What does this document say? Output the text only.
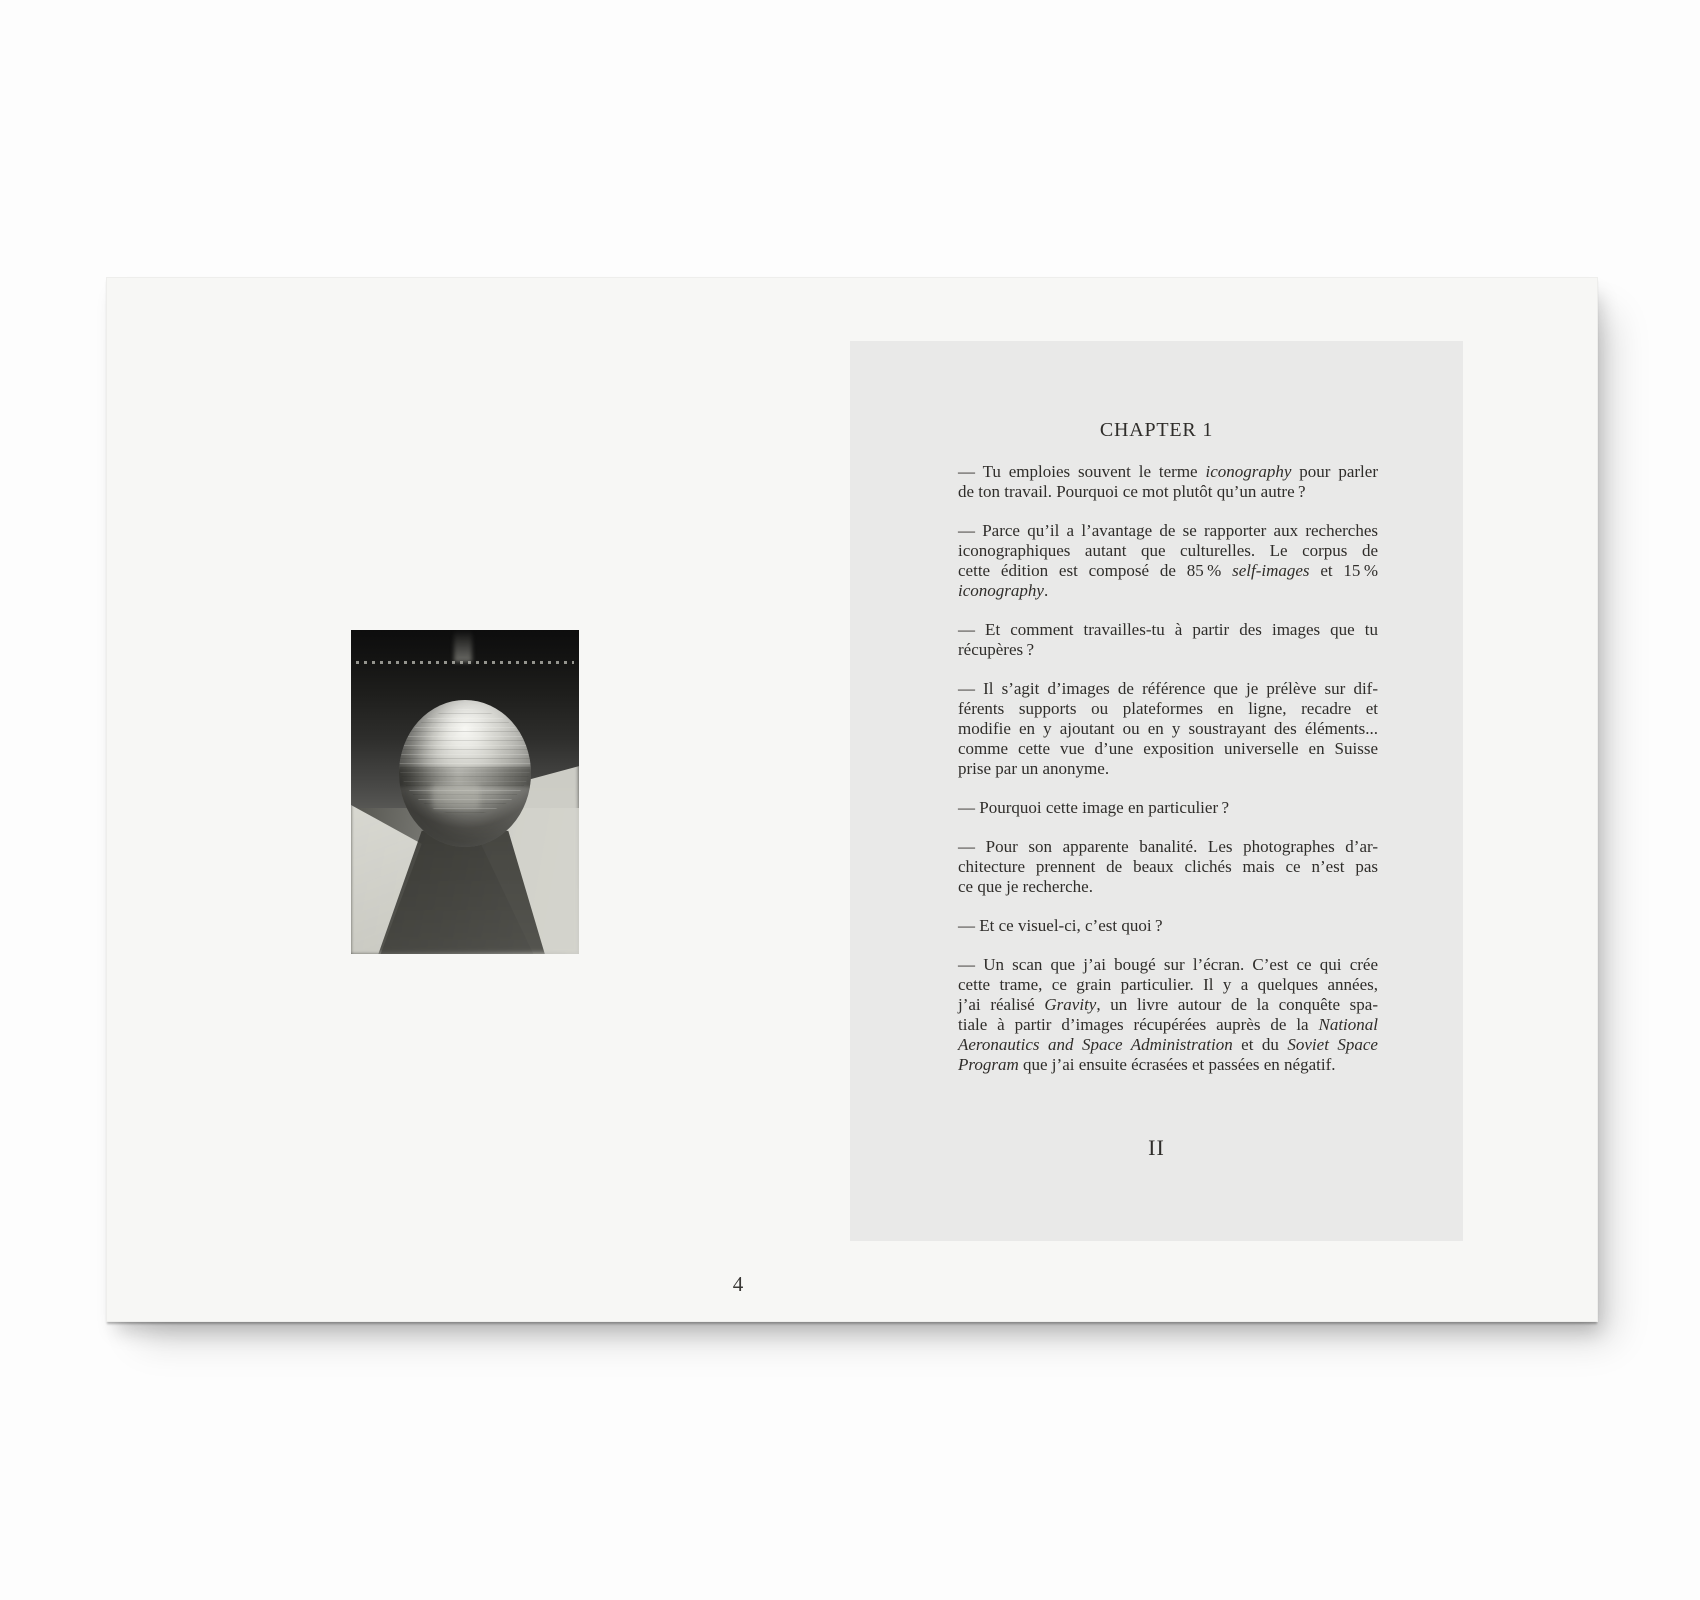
4
CHAPTER 1
— Tu emploies souvent le terme iconography pour parler
de ton travail. Pourquoi ce mot plutôt qu’un autre ?
— Parce qu’il a l’avantage de se rapporter aux recherches
iconographiques autant que culturelles. Le corpus de
cette édition est composé de 85 % self-images et 15 %
iconography.
— Et comment travailles-tu à partir des images que tu
récupères ?
— Il s’agit d’images de référence que je prélève sur dif-
férents supports ou plateformes en ligne, recadre et
modifie en y ajoutant ou en y soustrayant des éléments...
comme cette vue d’une exposition universelle en Suisse
prise par un anonyme.
— Pourquoi cette image en particulier ?
— Pour son apparente banalité. Les photographes d’ar-
chitecture prennent de beaux clichés mais ce n’est pas
ce que je recherche.
— Et ce visuel-ci, c’est quoi ?
— Un scan que j’ai bougé sur l’écran. C’est ce qui crée
cette trame, ce grain particulier. Il y a quelques années,
j’ai réalisé Gravity, un livre autour de la conquête spa-
tiale à partir d’images récupérées auprès de la National
Aeronautics and Space Administration et du Soviet Space
Program que j’ai ensuite écrasées et passées en négatif.
II
